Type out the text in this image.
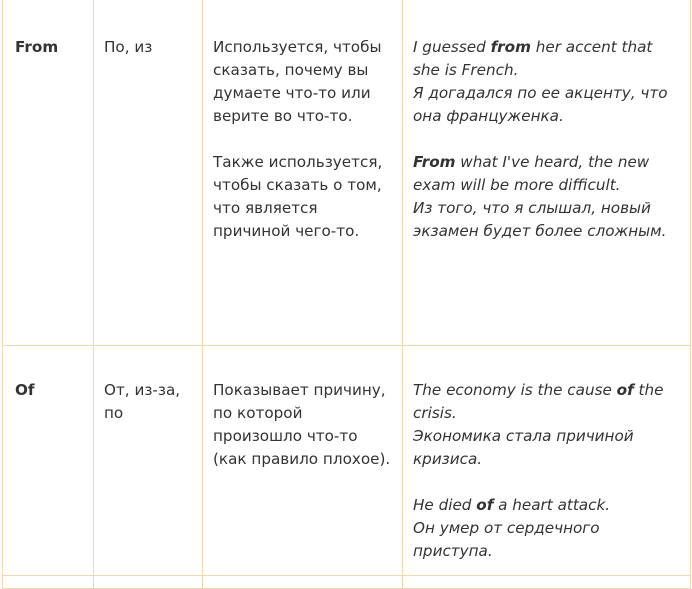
From	По, из	Используется, чтобы сказать, почему вы думаете что-то или верите во что-то.
Также используется, чтобы сказать о том, что является причиной чего-то.	I guessed from her accent that she is French.
Я догадался по ее акценту, что она француженка.
From what I've heard, the new exam will be more difficult.
Из того, что я слышал, новый экзамен будет более сложным.

Of	От, из-за, по	Показывает причину, по которой произошло что-то (как правило плохое).	The economy is the cause of the crisis.
Экономика стала причиной кризиса.
He died of a heart attack.
Он умер от сердечного приступа.
